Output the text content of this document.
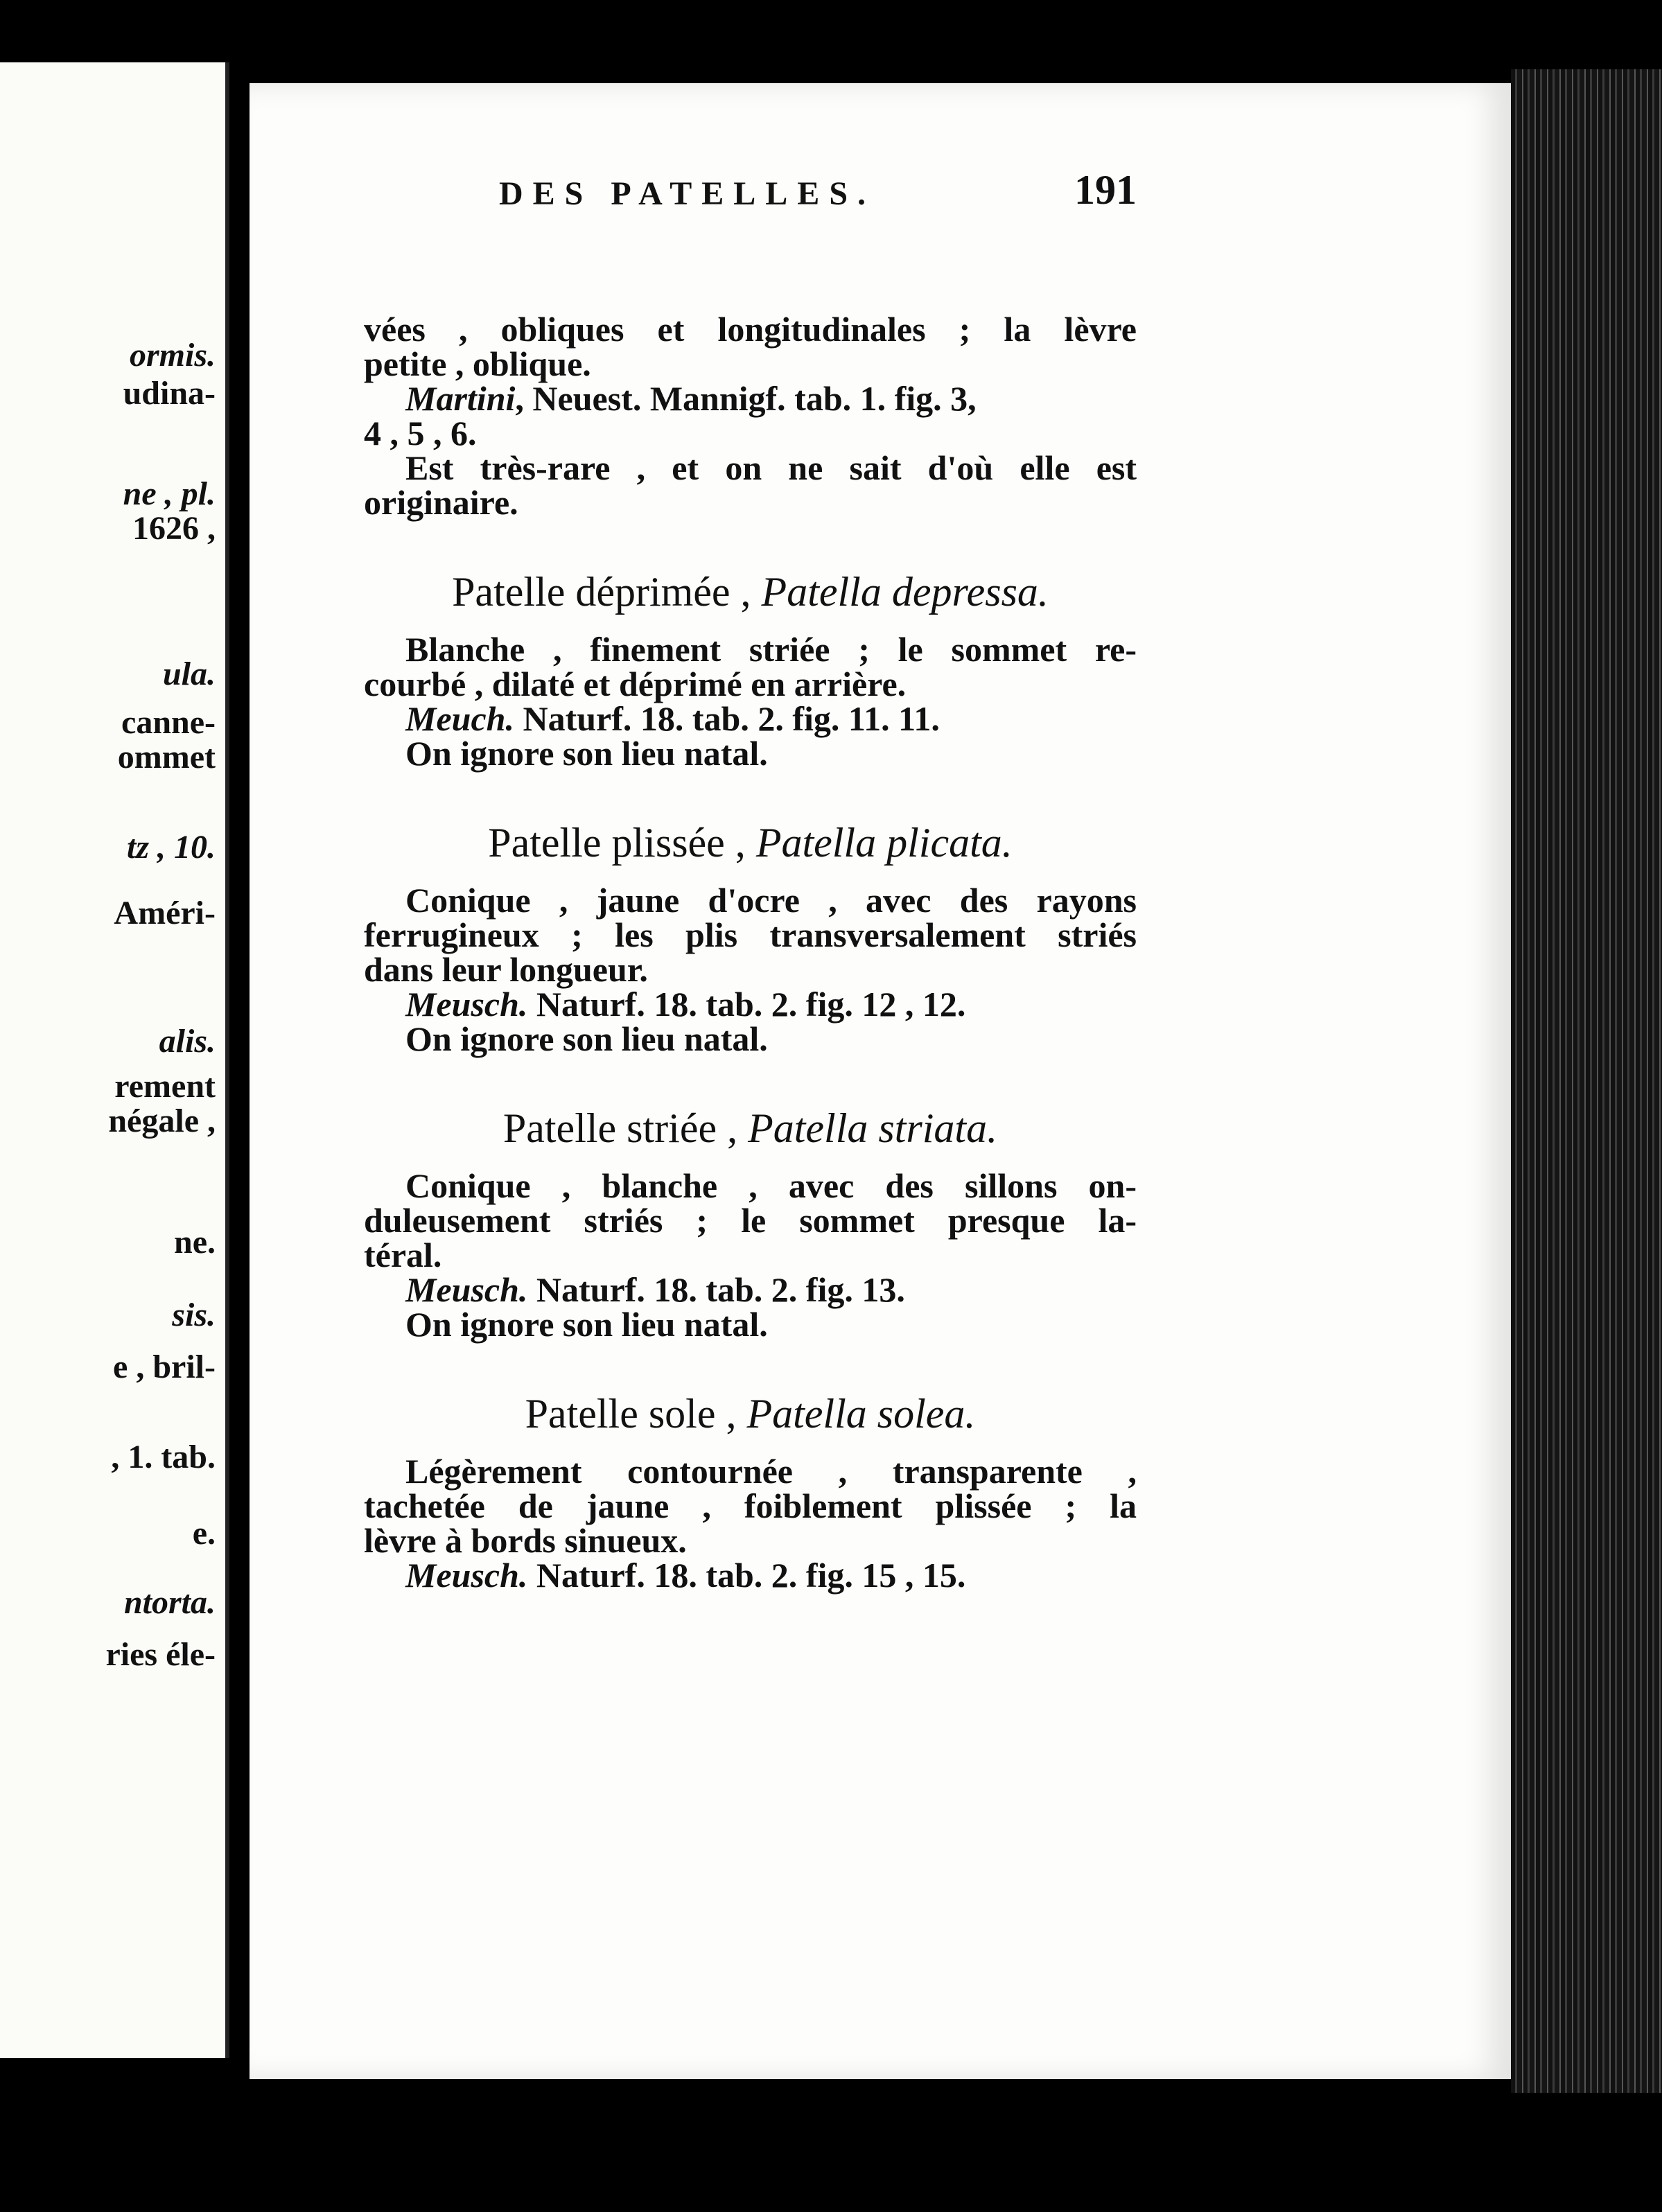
ormis.
udina-
ne , pl.
1626 ,
ula.
canne-
ommet
tz , 10.
Améri-
alis.
rement
négale ,
ne.
sis.
e , bril-
, 1. tab.
e.
ntorta.
ries éle-
DES PATELLES.	191
vées , obliques et longitudinales ; la lèvre
petite , oblique.
Martini, Neuest. Mannigf. tab. 1. fig. 3,
4 , 5 , 6.
Est très-rare , et on ne sait d'où elle est
originaire.
Patelle déprimée , Patella depressa.
Blanche , finement striée ; le sommet re-
courbé , dilaté et déprimé en arrière.
Meuch. Naturf. 18. tab. 2. fig. 11. 11.
On ignore son lieu natal.
Patelle plissée , Patella plicata.
Conique , jaune d'ocre , avec des rayons
ferrugineux ; les plis transversalement striés
dans leur longueur.
Meusch. Naturf. 18. tab. 2. fig. 12 , 12.
On ignore son lieu natal.
Patelle striée , Patella striata.
Conique , blanche , avec des sillons on-
duleusement striés ; le sommet presque la-
téral.
Meusch. Naturf. 18. tab. 2. fig. 13.
On ignore son lieu natal.
Patelle sole , Patella solea.
Légèrement contournée , transparente ,
tachetée de jaune , foiblement plissée ; la
lèvre à bords sinueux.
Meusch. Naturf. 18. tab. 2. fig. 15 , 15.
